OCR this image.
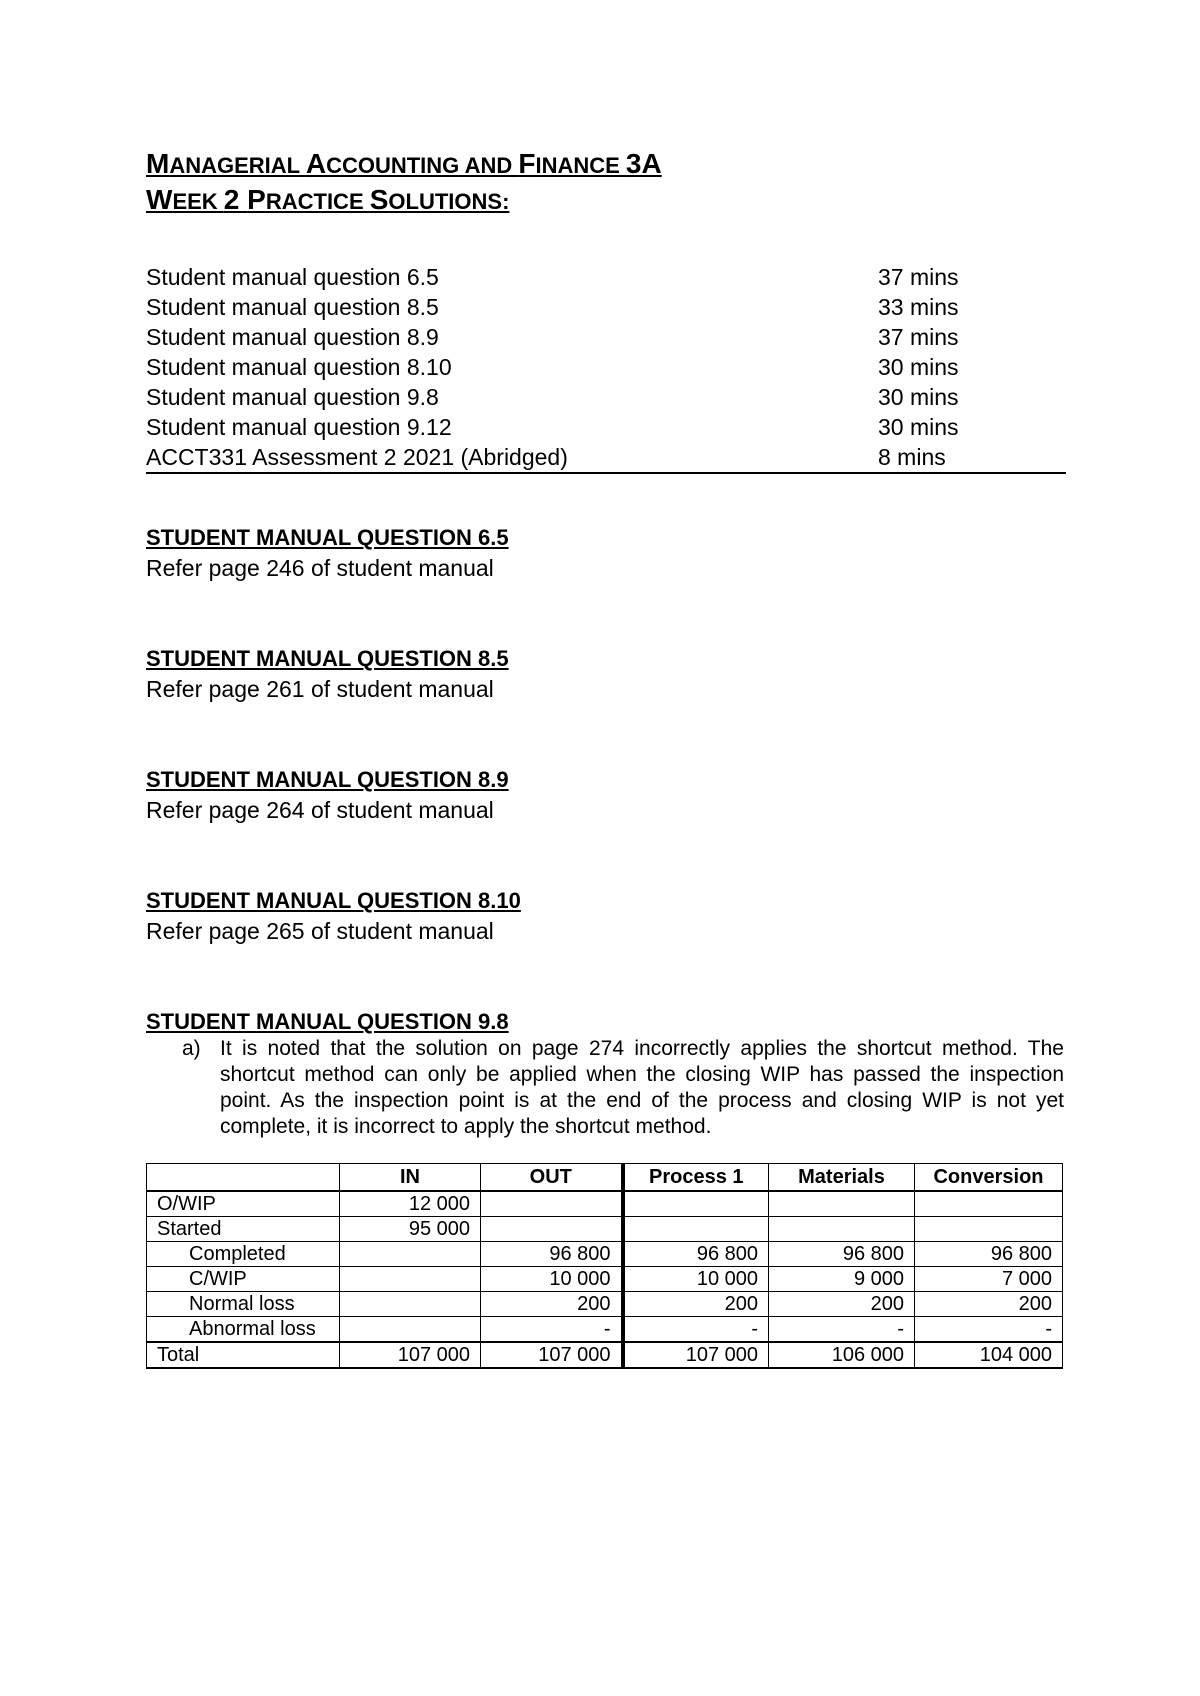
MANAGERIAL ACCOUNTING AND FINANCE 3A
WEEK 2 PRACTICE SOLUTIONS:
Student manual question 6.5	37 mins
Student manual question 8.5	33 mins
Student manual question 8.9	37 mins
Student manual question 8.10	30 mins
Student manual question 9.8	30 mins
Student manual question 9.12	30 mins
ACCT331 Assessment 2 2021 (Abridged)	8 mins
STUDENT MANUAL QUESTION 6.5
Refer page 246 of student manual
STUDENT MANUAL QUESTION 8.5
Refer page 261 of student manual
STUDENT MANUAL QUESTION 8.9
Refer page 264 of student manual
STUDENT MANUAL QUESTION 8.10
Refer page 265 of student manual
STUDENT MANUAL QUESTION 9.8
a) It is noted that the solution on page 274 incorrectly applies the shortcut method. The shortcut method can only be applied when the closing WIP has passed the inspection point. As the inspection point is at the end of the process and closing WIP is not yet complete, it is incorrect to apply the shortcut method.
	IN	OUT	Process 1	Materials	Conversion
O/WIP	12 000				
Started	95 000				
Completed		96 800	96 800	96 800	96 800
C/WIP		10 000	10 000	9 000	7 000
Normal loss		200	200	200	200
Abnormal loss		-	-	-	-
Total	107 000	107 000	107 000	106 000	104 000
